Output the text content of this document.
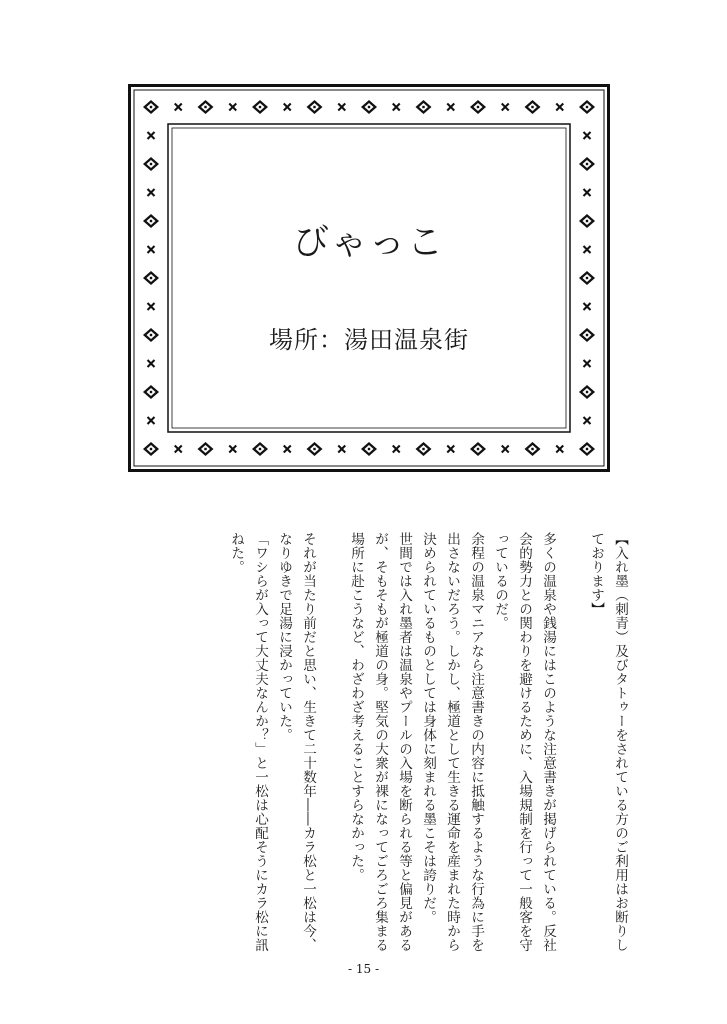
びゃっこ
場所：湯田温泉街

【入れ墨（刺青）及びタトゥーをされている方のご利用はお断りしております】

多くの温泉や銭湯にはこのような注意書きが掲げられている。反社会的勢力との関わりを避けるために、入場規制を行って一般客を守っているのだ。

余程の温泉マニアなら注意書きの内容に抵触するような行為に手を出さないだろう。しかし、極道として生きる運命を産まれた時から決められているものとしては身体に刻まれる墨こそは誇りだ。

世間では入れ墨者は温泉やプールの入場を断られる等と偏見があるが、そもそもが極道の身。堅気の大衆が裸になってごろごろ集まる場所に赴こうなど、わざわざ考えることすらなかった。

それが当たり前だと思い、生きて二十数年――カラ松と一松は今、なりゆきで足湯に浸かっていた。

「ワシらが入って大丈夫なんか？」と一松は心配そうにカラ松に訊ねた。

- 15 -
